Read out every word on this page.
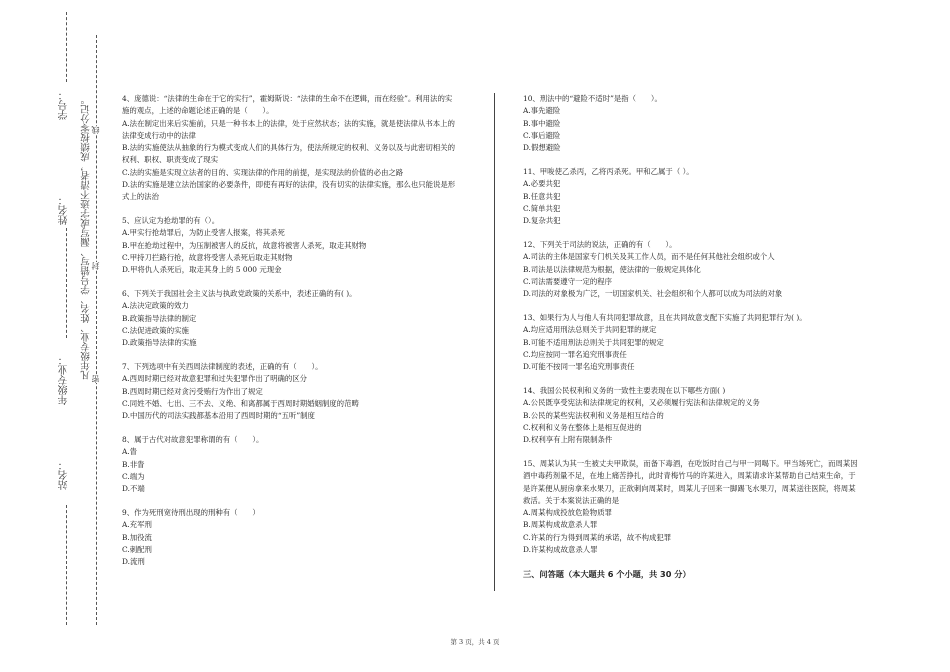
学号：
姓名：
年级专业：
站名：
凡年级专业、姓名、学号错写、漏写或字迹不清者，成绩按零分记。 线
封
密
4、庞德说：“法律的生命在于它的实行”，霍姆斯说：“法律的生命不在逻辑，而在经验”。利用法的实施的观点，上述的命题论述正确的是（　　）。
A.法在制定出来后实施前，只是一种书本上的法律，处于应然状态；法的实施，就是使法律从书本上的法律变成行动中的法律
B.法的实施使法从抽象的行为模式变成人们的具体行为，使法所规定的权利、义务以及与此密切相关的权利、职权、职责变成了现实
C.法的实施是实现立法者的目的、实现法律的作用的前提，是实现法的价值的必由之路
D.法的实施是建立法治国家的必要条件，即使有再好的法律，没有切实的法律实施，那么也只能说是形式上的法治
5、应认定为抢劫罪的有（）。
A.甲实行抢劫罪后，为防止受害人报案，将其杀死
B.甲在抢劫过程中，为压制被害人的反抗，故意将被害人杀死，取走其财物
C.甲持刀拦路行抢，故意将受害人杀死后取走其财物
D.甲将仇人杀死后，取走其身上的 5 000 元现金
6、下列关于我国社会主义法与执政党政策的关系中，表述正确的有( )。
A.法决定政策的效力
B.政策指导法律的制定
C.法促进政策的实施
D.政策指导法律的实施
7、下列选项中有关西周法律制度的表述，正确的有（　　）。
A.西周时期已经对故意犯罪和过失犯罪作出了明确的区分
B.西周时期已经对贪污受贿行为作出了规定
C.同姓不婚、七出、三不去、义绝、和离都属于西周时期婚姻制度的范畴
D.中国历代的司法实践都基本沿用了西周时期的“五听”制度
8、属于古代对故意犯罪称谓的有（　　）。
A.眚
B.非眚
C.端为
D.不端
9、作为死刑宽待刑出现的刑种有（　　）
A.充军刑
B.加役流
C.刺配刑
D.流刑
10、刑法中的“避险不适时”是指（　　）。
A.事先避险
B.事中避险
C.事后避险
D.假想避险
11、甲唆使乙杀丙，乙将丙杀死。甲和乙属于（ ）。
A.必要共犯
B.任意共犯
C.简单共犯
D.复杂共犯
12、下列关于司法的说法，正确的有（　　）。
A.司法的主体是国家专门机关及其工作人员，而不是任何其他社会组织或个人
B.司法是以法律规范为根据，使法律的一般规定具体化
C.司法需要遵守一定的程序
D.司法的对象极为广泛，一切国家机关、社会组织和个人都可以成为司法的对象
13、如果行为人与他人有共同犯罪故意，且在共同故意支配下实施了共同犯罪行为( )。
A.均应适用刑法总则关于共同犯罪的规定
B.可能不适用刑法总则关于共同犯罪的规定
C.均应按同一罪名追究刑事责任
D.可能不按同一罪名追究刑事责任
14、我国公民权利和义务的一致性主要表现在以下哪些方面( )
A.公民既享受宪法和法律规定的权利，又必须履行宪法和法律规定的义务
B.公民的某些宪法权利和义务是相互结合的
C.权利和义务在整体上是相互促进的
D.权利享有上附有限制条件
15、周某认为其一生被丈夫甲欺误，而备下毒酒，在吃饭时自己与甲一同喝下。甲当场死亡，而周某因酒中毒药剂量不足，在地上痛苦挣扎，此时青梅竹马的许某进入，周某请求许某帮助自己结束生命，于是许某便从厨房拿来水果刀，正欲刺向周某时，周某儿子回来一脚踢飞水果刀，周某送往医院，将周某救活。关于本案说法正确的是
A.周某构成投放危险物质罪
B.周某构成故意杀人罪
C.许某的行为得到周某的承诺，故不构成犯罪
D.许某构成故意杀人罪
三、问答题（本大题共 6 个小题，共 30 分）
第 3 页，共 4 页
